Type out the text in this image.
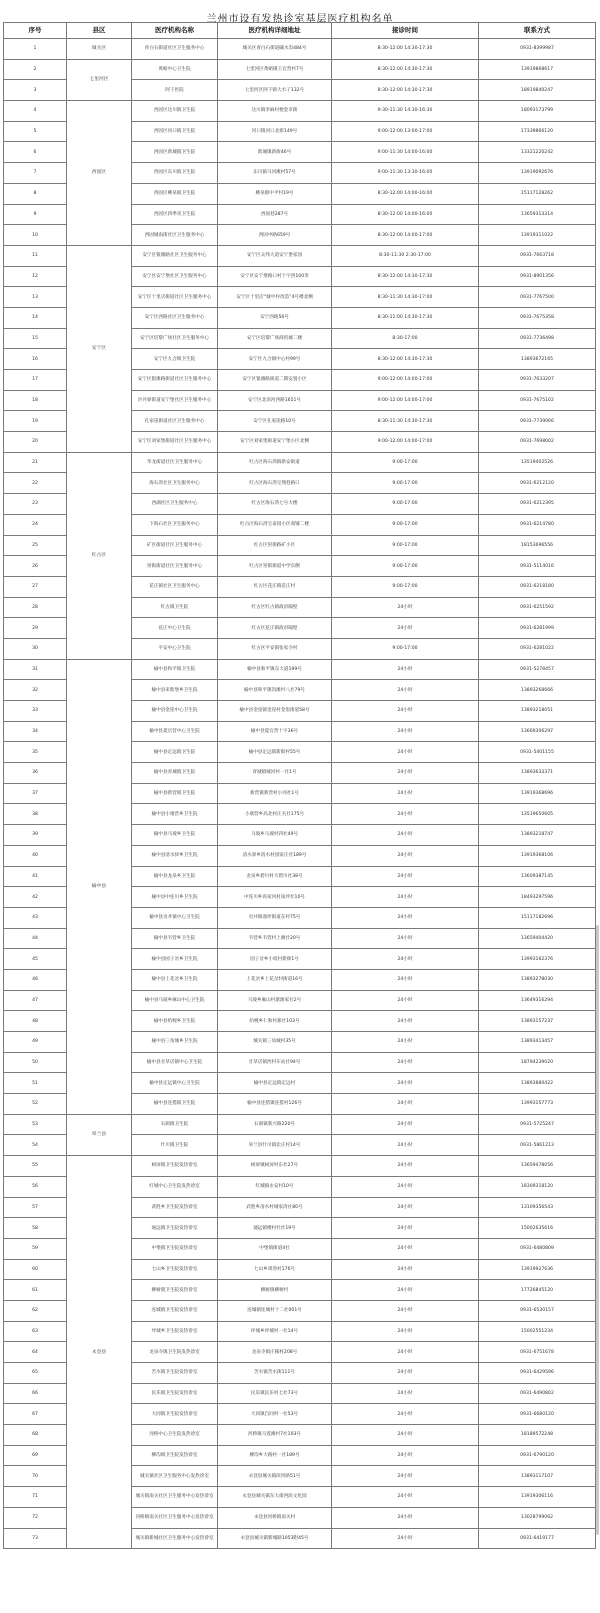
兰州市设有发热诊室基层医疗机构名单
序号	县区	医疗机构名称	医疗机构详细地址	接诊时间	联系方式
1	城关区	青白石街道社区卫生服务中心	城关区青白石街道碱水沟484号	8:30-12:00 14:30-17:30	0931-8399987
2	七里河区	黄峪中心卫生院	七里河区黄峪镇王官营村7号	8:30-12:00 14:30-17:30	13919868617
3		阿干医院	七里河区阿干镇大水子132号	8:30-12:00 14:30-17:30	18919840247
4	西固区	西固区达川镇卫生院	达川镇李麻村便金市街	9:30-11:30 14:30-16:30	18093173799
5		西固区河口镇卫生院	河口镇河口北街149号	9:00-12:00 13:00-17:00	17339866120
6		西固区新城镇卫生院	新城镇新街46号	9:00-11:30 14:00-16:00	13321220242
7		西固区东川镇卫生院	东川镇马河滩村57号	9:00-11:30 13:30-16:00	13919092676
8		西固区柳泉镇卫生院	柳泉镇中平村19号	8:30-12:00 14:00-16:00	15117128262
9		西固区四季青卫生院	西固巷287号	8:30-12:00 14:00-16:00	13659313314
10		西固城南街社区卫生服务中心	西固中路659号	8:30-12:00 14:00-17:00	13919311022
11	安宁区	安宁区银滩路社区卫生服务中心	安宁区众邦大道安宁堡家园	8:30-11:30 2:30-17:00	0931-7663718
12		安宁区安宁堡社区卫生服务中心	安宁区安宁堡路口村十字西100米	8:30-12:00 14:30-17:30	0931-8901356
13		安宁区十里店街道社区卫生服务中心	安宁区十里店“城中村改造”4号楼北侧	8:30-11:30 14:30-17:00	0931-7767500
14		安宁区西路社区卫生服务中心	安宁西路56号	8:30-11:00 14:30-17:30	0931-7675358
15		安宁区培黎广场社区卫生服务中心	安宁区培黎广场商贸城二楼	8:30-17:00	0931-7736498
16		安宁区九合镇卫生院	安宁区九合镇中心村99号	8:30-12:00 14:30-17:30	13893672165
17		安宁区银滩路街道社区卫生服务中心	安宁区银滩路街道二期安置小区	9:00-12:00 14:00-17:00	0931-7633207
18		沙井驿街道安宁堡社区卫生服务中心	安宁区北滨河西路1651号	9:00-12:00 14:00-17:00	0931-7675102
19		孔家崖街道社区卫生服务中心	安宁区孔家崖路10号	8:30-11:30 14:30-17:30	0931-7739066
20		安宁区刘家堡街道社区卫生服务中心	安宁区刘家堡街道安宁堡小区北侧	9:00-12:00 14:00-17:00	0931-7698002
21	红古区	华龙街道社区卫生服务中心	红古区海石湾镇新安街道	9:00-17:00	13519402526
22		海石湾社区卫生服务中心	红古区海石湾宝翔巷路口	9:00-17:00	0931-6212120
23		西湖社区卫生服务中心	红古区海石湾七号大楼	9:00-17:00	0931-6212395
24		下海石社区卫生服务中心	红古区海石湾宝泰园小区商铺二楼	9:00-17:00	0931-6214780
25		矿区街道社区卫生服务中心	红古区窑街路矿小区	9:00-17:00	18153696556
26		窑街街道社区卫生服务中心	红古区窑街街道中学东侧	9:00-17:00	0931-5114016
27		花庄镇社区卫生服务中心	红古区花庄镇花庄村	9:00-17:00	0931-6218180
28		红古镇卫生院	红古区红古镇政府隔壁	24小时	0931-6251592
29		花庄中心卫生院	红古区花庄镇政府隔壁	24小时	0931-6281999
30		平安中心卫生院	红古区平安镇张家寺村	9:00-17:00	0931-6281022
31	榆中县	榆中县和平镇卫生院	榆中县和平镇东大道199号	24小时	0931-5278457
32		榆中县来紫堡乡卫生院	榆中县和平镇沟滩村八社79号	24小时	13893268666
33		榆中县金崖中心卫生院	榆中县金崖镇金崖村金崖街道58号	24小时	13893218051
34		榆中县夏官营中心卫生院	榆中县夏官营十字36号	24小时	13669306297
35		榆中县定远镇卫生院	榆中县定远镇新街村55号	24小时	0931-5401155
36		榆中县青城镇卫生院	青城镇城河村一社1号	24小时	13893633371
37		榆中县新营镇卫生院	新营镇新营村小河社1号	24小时	13919368696
38		榆中县小康营乡卫生院	小康营乡高北村庄关社175号	24小时	13519650605
39		榆中县马坡乡卫生院	马坡乡马坡村四社49号	24小时	13893218747
40		榆中县清水驿乡卫生院	清水驿乡清水村园家庄社189号	24小时	13919368106
41		榆中县龙泉乡卫生院	龙泉乡碧川村大碧川社38号	24小时	13609387145
42		榆中县中连川乡卫生院	中连川乡高家河村南坪社10号	24小时	18493297596
43		榆中县贡井镇中心卫生院	贡井镇漫坪街道东村75号	24小时	15117182696
44		榆中县韦营乡卫生院	韦营乡韦营村上滩社20号	24小时	13659404420
45		榆中县园子岔乡卫生院	园子岔乡小坂村新街1号	24小时	13993162376
46		榆中县上花岔乡卫生院	上花岔乡上花岔村街道16号	24小时	13893278030
47		榆中县马坡乡麻山中心卫生院	马坡乡麻山村寨源家社2号	24小时	13649316294
48		榆中县哈岘乡卫生院	哈岘乡仁和村寨社103号	24小时	13893157237
49		榆中县三角城乡卫生院	城关镇三角城村35号	24小时	13893413457
50		榆中县甘草店镇中心卫生院	甘草店镇西村车站社94号	24小时	18794239020
51		榆中县定远镇中心卫生院	榆中县定远镇定远村	24小时	13893880422
52		榆中县连搭镇卫生院	榆中县连搭镇连搭村126号	24小时	13993157773
53	皋兰县	石洞镇卫生院	石洞镇新兴路220号	24小时	0931-5725247
54		什川镇卫生院	皋兰县什川镇北庄村14号	24小时	0931-5861213
55	永登县	树屏镇卫生院发热诊室	树屏镇树屏村东社27号	24小时	13659478056
56		红城中心卫生院发热诊室	红城镇永安村10号	24小时	18309318120
57		武胜乡卫生院发热诊室	武胜乡清水村城家湾社80号	24小时	13109356543
58		通远镇卫生院发热诊室	通远镇楼村社社19号	24小时	15002635616
59		中堡镇卫生院发热诊室	中堡镇街道4社	24小时	0931-6480809
60		七山乡卫生院发热诊室	七山乡周湾村176号	24小时	13919927636
61		柳树镇卫生院发热诊室	柳树镇柳树村	24小时	17726845120
62		连城镇卫生院发热诊室	连城镇连城村十二社001号	24小时	0931-6530157
63		坪城乡卫生院发热诊室	坪城乡坪城村一社14号	24小时	15002551234
64		龙泉寺镇卫生院发热诊室	龙泉寺镇庄稼村208号	24小时	0931-6751678
65		苦水镇卫生院发热诊室	苦水镇苦水街111号	24小时	0931-6429596
66		民乐镇卫生院发热诊室	民乐镇民乐村七社73号	24小时	0931-6490802
67		大同镇卫生院发热诊室	大同镇自同村一社53号	24小时	0931-6680120
68		河桥中心卫生院发热诊室	河桥镇马莲滩村7社103号	24小时	18189572248
69		柳沟镇卫生院发热诊室	柳沟乡大路村一社189号	24小时	0931-6790120
70		城关镇社区卫生服务中心发热诊室	永登县城关镇滨河路51号	24小时	13893117107
71		城关镇南关社区卫生服务中心发热诊室	永登县城关镇东大街西段文化园	24小时	13919306116
72		河桥镇南关社区卫生服务中心发热诊室	永登县河桥镇南关村	24小时	13028799062
73		城关镇新城社区卫生服务中心发热诊室	永登县城关镇新城路1053附45号	24小时	0931-6419177
